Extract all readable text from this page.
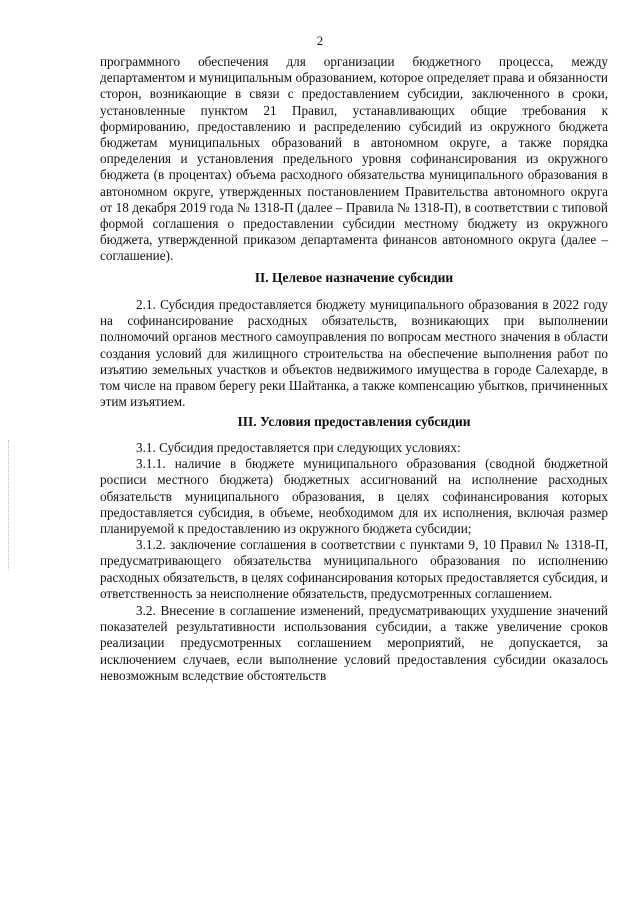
2

программного обеспечения для организации бюджетного процесса, между департаментом и муниципальным образованием, которое определяет права и обязанности сторон, возникающие в связи с предоставлением субсидии, заключенного в сроки, установленные пунктом 21 Правил, устанавливающих общие требования к формированию, предоставлению и распределению субсидий из окружного бюджета бюджетам муниципальных образований в автономном округе, а также порядка определения и установления предельного уровня софинансирования из окружного бюджета (в процентах) объема расходного обязательства муниципального образования в автономном округе, утвержденных постановлением Правительства автономного округа от 18 декабря 2019 года № 1318-П (далее – Правила № 1318-П), в соответствии с типовой формой соглашения о предоставлении субсидии местному бюджету из окружного бюджета, утвержденной приказом департамента финансов автономного округа (далее – соглашение).

II. Целевое назначение субсидии

2.1. Субсидия предоставляется бюджету муниципального образования в 2022 году на софинансирование расходных обязательств, возникающих при выполнении полномочий органов местного самоуправления по вопросам местного значения в области создания условий для жилищного строительства на обеспечение выполнения работ по изъятию земельных участков и объектов недвижимого имущества в городе Салехарде, в том числе на правом берегу реки Шайтанка, а также компенсацию убытков, причиненных этим изъятием.

III. Условия предоставления субсидии

3.1. Субсидия предоставляется при следующих условиях:

3.1.1. наличие в бюджете муниципального образования (сводной бюджетной росписи местного бюджета) бюджетных ассигнований на исполнение расходных обязательств муниципального образования, в целях софинансирования которых предоставляется субсидия, в объеме, необходимом для их исполнения, включая размер планируемой к предоставлению из окружного бюджета субсидии;

3.1.2. заключение соглашения в соответствии с пунктами 9, 10 Правил № 1318-П, предусматривающего обязательства муниципального образования по исполнению расходных обязательств, в целях софинансирования которых предоставляется субсидия, и ответственность за неисполнение обязательств, предусмотренных соглашением.

3.2. Внесение в соглашение изменений, предусматривающих ухудшение значений показателей результативности использования субсидии, а также увеличение сроков реализации предусмотренных соглашением мероприятий, не допускается, за исключением случаев, если выполнение условий предоставления субсидии оказалось невозможным вследствие обстоятельств
